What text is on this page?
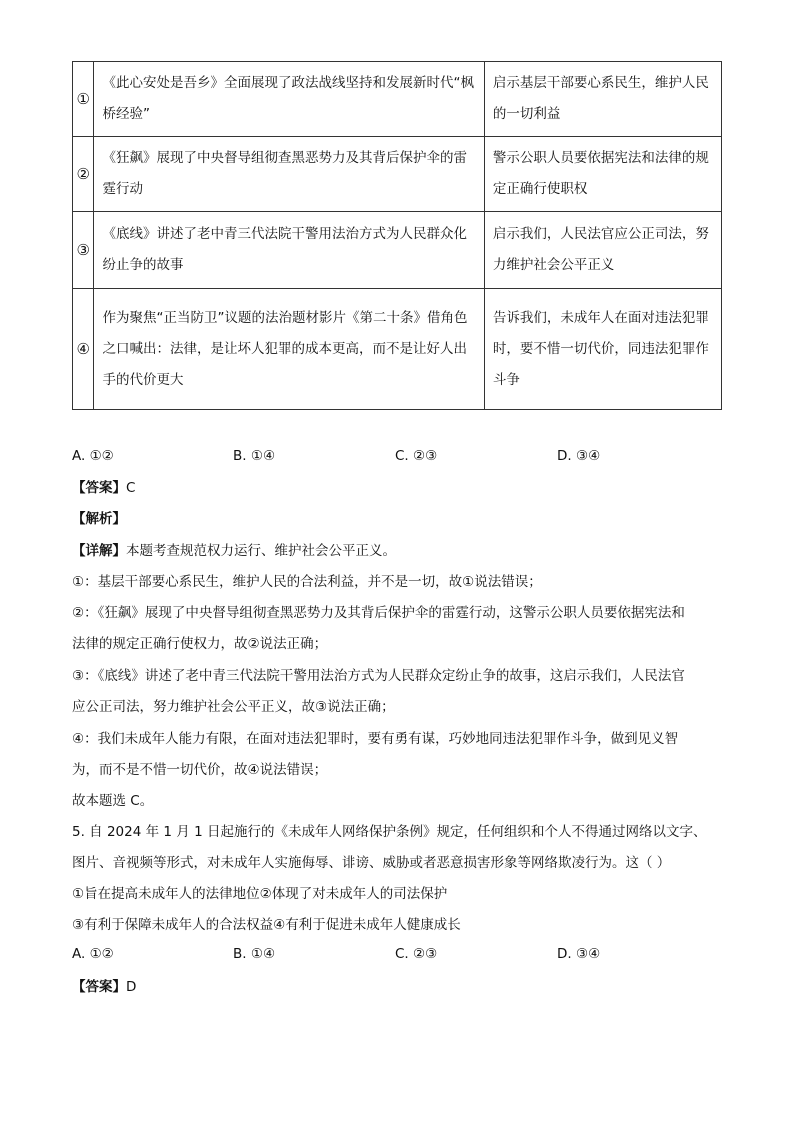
①	《此心安处是吾乡》全面展现了政法战线坚持和发展新时代“枫桥经验”	启示基层干部要心系民生，维护人民的一切利益
②	《狂飙》展现了中央督导组彻查黑恶势力及其背后保护伞的雷霆行动	警示公职人员要依据宪法和法律的规定正确行使职权
③	《底线》讲述了老中青三代法院干警用法治方式为人民群众化纷止争的故事	启示我们，人民法官应公正司法，努力维护社会公平正义
④	作为聚焦“正当防卫”议题的法治题材影片《第二十条》借角色之口喊出：法律，是让坏人犯罪的成本更高，而不是让好人出手的代价更大	告诉我们，未成年人在面对违法犯罪时，要不惜一切代价，同违法犯罪作斗争
A. ①②	B. ①④	C. ②③	D. ③④
【答案】C
【解析】
【详解】本题考查规范权力运行、维护社会公平正义。
①：基层干部要心系民生，维护人民的合法利益，并不是一切，故①说法错误；
②：《狂飙》展现了中央督导组彻查黑恶势力及其背后保护伞的雷霆行动，这警示公职人员要依据宪法和
法律的规定正确行使权力，故②说法正确；
③：《底线》讲述了老中青三代法院干警用法治方式为人民群众定纷止争的故事，这启示我们，人民法官
应公正司法，努力维护社会公平正义，故③说法正确；
④：我们未成年人能力有限，在面对违法犯罪时，要有勇有谋，巧妙地同违法犯罪作斗争，做到见义智
为，而不是不惜一切代价，故④说法错误；
故本题选 C。
5. 自 2024 年 1 月 1 日起施行的《未成年人网络保护条例》规定，任何组织和个人不得通过网络以文字、
图片、音视频等形式，对未成年人实施侮辱、诽谤、威胁或者恶意损害形象等网络欺凌行为。这（ ）
①旨在提高未成年人的法律地位②体现了对未成年人的司法保护
③有利于保障未成年人的合法权益④有利于促进未成年人健康成长
A. ①②	B. ①④	C. ②③	D. ③④
【答案】D
